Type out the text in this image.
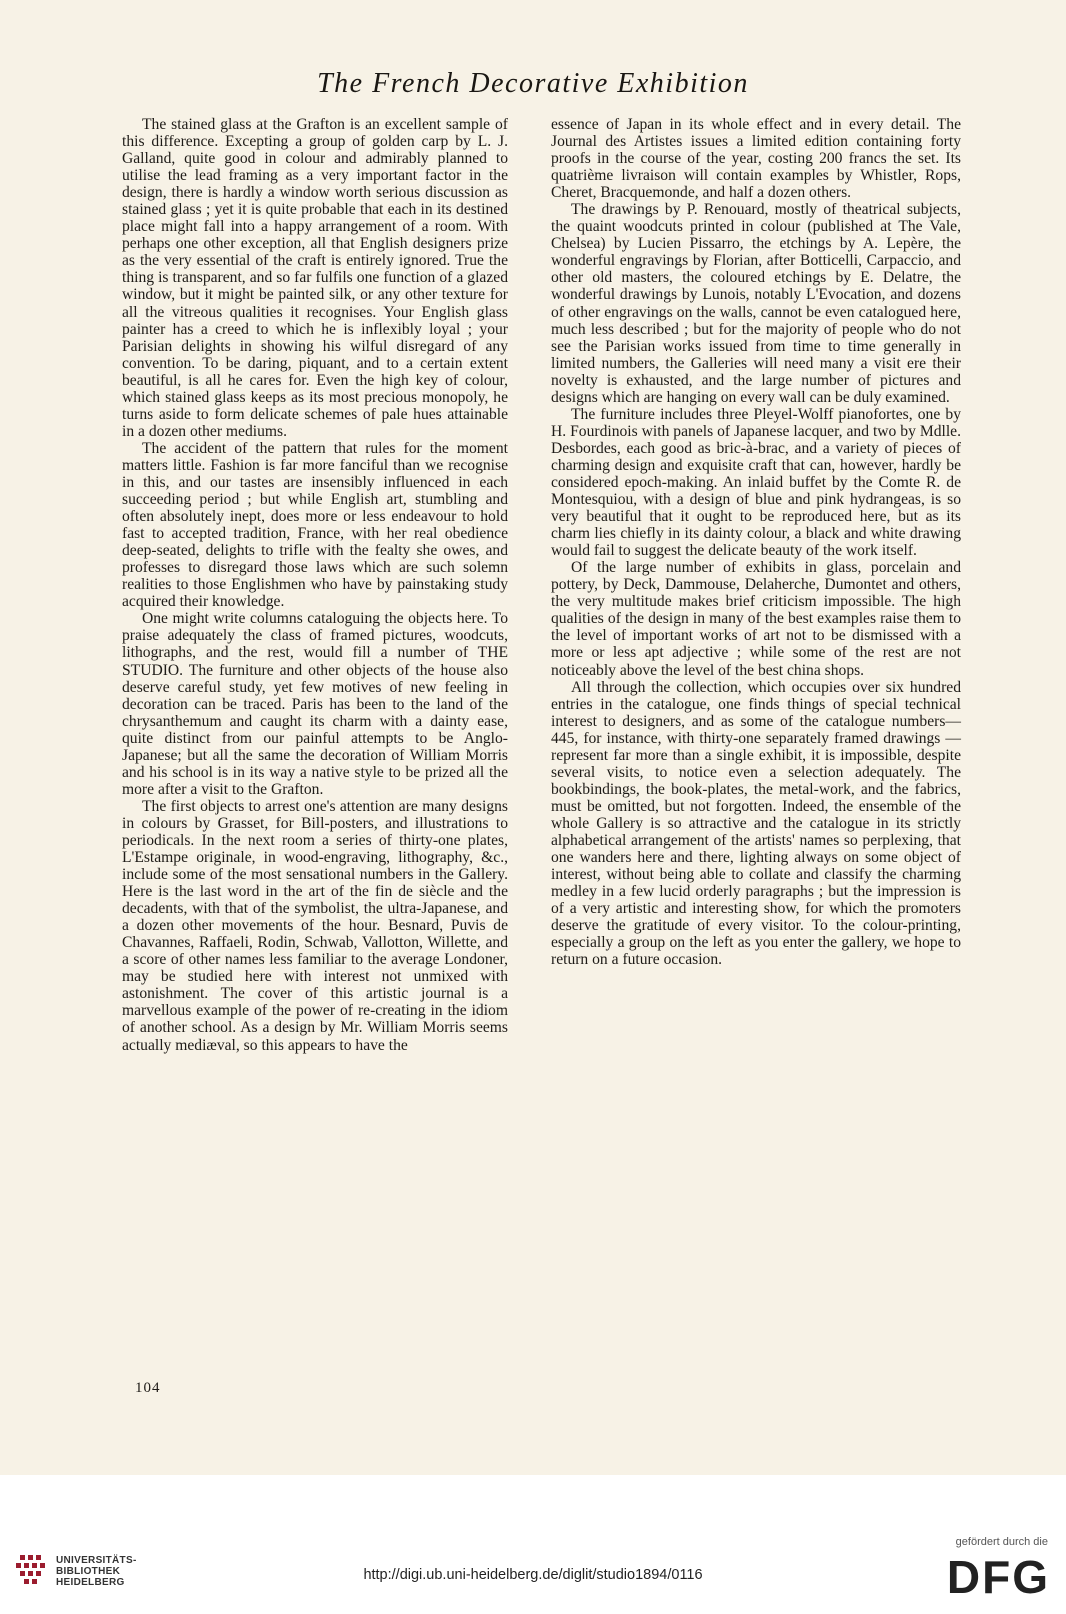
The French Decorative Exhibition

The stained glass at the Grafton is an excellent sample of this difference. Excepting a group of golden carp by L. J. Galland, quite good in colour and admirably planned to utilise the lead framing as a very important factor in the design, there is hardly a window worth serious discussion as stained glass ; yet it is quite probable that each in its destined place might fall into a happy arrangement of a room. With perhaps one other exception, all that English designers prize as the very essential of the craft is entirely ignored. True the thing is transparent, and so far fulfils one function of a glazed window, but it might be painted silk, or any other texture for all the vitreous qualities it recognises. Your English glass painter has a creed to which he is inflexibly loyal ; your Parisian delights in showing his wilful disregard of any convention. To be daring, piquant, and to a certain extent beautiful, is all he cares for. Even the high key of colour, which stained glass keeps as its most precious monopoly, he turns aside to form delicate schemes of pale hues attainable in a dozen other mediums.

The accident of the pattern that rules for the moment matters little. Fashion is far more fanciful than we recognise in this, and our tastes are insensibly influenced in each succeeding period ; but while English art, stumbling and often absolutely inept, does more or less endeavour to hold fast to accepted tradition, France, with her real obedience deep-seated, delights to trifle with the fealty she owes, and professes to disregard those laws which are such solemn realities to those Englishmen who have by painstaking study acquired their knowledge.

One might write columns cataloguing the objects here. To praise adequately the class of framed pictures, woodcuts, lithographs, and the rest, would fill a number of THE STUDIO. The furniture and other objects of the house also deserve careful study, yet few motives of new feeling in decoration can be traced. Paris has been to the land of the chrysanthemum and caught its charm with a dainty ease, quite distinct from our painful attempts to be Anglo-Japanese; but all the same the decoration of William Morris and his school is in its way a native style to be prized all the more after a visit to the Grafton.

The first objects to arrest one's attention are many designs in colours by Grasset, for Bill-posters, and illustrations to periodicals. In the next room a series of thirty-one plates, L'Estampe originale, in wood-engraving, lithography, &c., include some of the most sensational numbers in the Gallery. Here is the last word in the art of the fin de siècle and the decadents, with that of the symbolist, the ultra-Japanese, and a dozen other movements of the hour. Besnard, Puvis de Chavannes, Raffaeli, Rodin, Schwab, Vallotton, Willette, and a score of other names less familiar to the average Londoner, may be studied here with interest not unmixed with astonishment. The cover of this artistic journal is a marvellous example of the power of re-creating in the idiom of another school. As a design by Mr. William Morris seems actually mediæval, so this appears to have the

essence of Japan in its whole effect and in every detail. The Journal des Artistes issues a limited edition containing forty proofs in the course of the year, costing 200 francs the set. Its quatrième livraison will contain examples by Whistler, Rops, Cheret, Bracquemonde, and half a dozen others.

The drawings by P. Renouard, mostly of theatrical subjects, the quaint woodcuts printed in colour (published at The Vale, Chelsea) by Lucien Pissarro, the etchings by A. Lepère, the wonderful engravings by Florian, after Botticelli, Carpaccio, and other old masters, the coloured etchings by E. Delatre, the wonderful drawings by Lunois, notably L'Evocation, and dozens of other engravings on the walls, cannot be even catalogued here, much less described ; but for the majority of people who do not see the Parisian works issued from time to time generally in limited numbers, the Galleries will need many a visit ere their novelty is exhausted, and the large number of pictures and designs which are hanging on every wall can be duly examined.

The furniture includes three Pleyel-Wolff pianofortes, one by H. Fourdinois with panels of Japanese lacquer, and two by Mdlle. Desbordes, each good as bric-à-brac, and a variety of pieces of charming design and exquisite craft that can, however, hardly be considered epoch-making. An inlaid buffet by the Comte R. de Montesquiou, with a design of blue and pink hydrangeas, is so very beautiful that it ought to be reproduced here, but as its charm lies chiefly in its dainty colour, a black and white drawing would fail to suggest the delicate beauty of the work itself.

Of the large number of exhibits in glass, porcelain and pottery, by Deck, Dammouse, Delaherche, Dumontet and others, the very multitude makes brief criticism impossible. The high qualities of the design in many of the best examples raise them to the level of important works of art not to be dismissed with a more or less apt adjective ; while some of the rest are not noticeably above the level of the best china shops.

All through the collection, which occupies over six hundred entries in the catalogue, one finds things of special technical interest to designers, and as some of the catalogue numbers—445, for instance, with thirty-one separately framed drawings —represent far more than a single exhibit, it is impossible, despite several visits, to notice even a selection adequately. The bookbindings, the book-plates, the metal-work, and the fabrics, must be omitted, but not forgotten. Indeed, the ensemble of the whole Gallery is so attractive and the catalogue in its strictly alphabetical arrangement of the artists' names so perplexing, that one wanders here and there, lighting always on some object of interest, without being able to collate and classify the charming medley in a few lucid orderly paragraphs ; but the impression is of a very artistic and interesting show, for which the promoters deserve the gratitude of every visitor. To the colour-printing, especially a group on the left as you enter the gallery, we hope to return on a future occasion.

104
UNIVERSITÄTS-
BIBLIOTHEK
HEIDELBERG	http://digi.ub.uni-heidelberg.de/diglit/studio1894/0116
gefördert durch die
DFG
